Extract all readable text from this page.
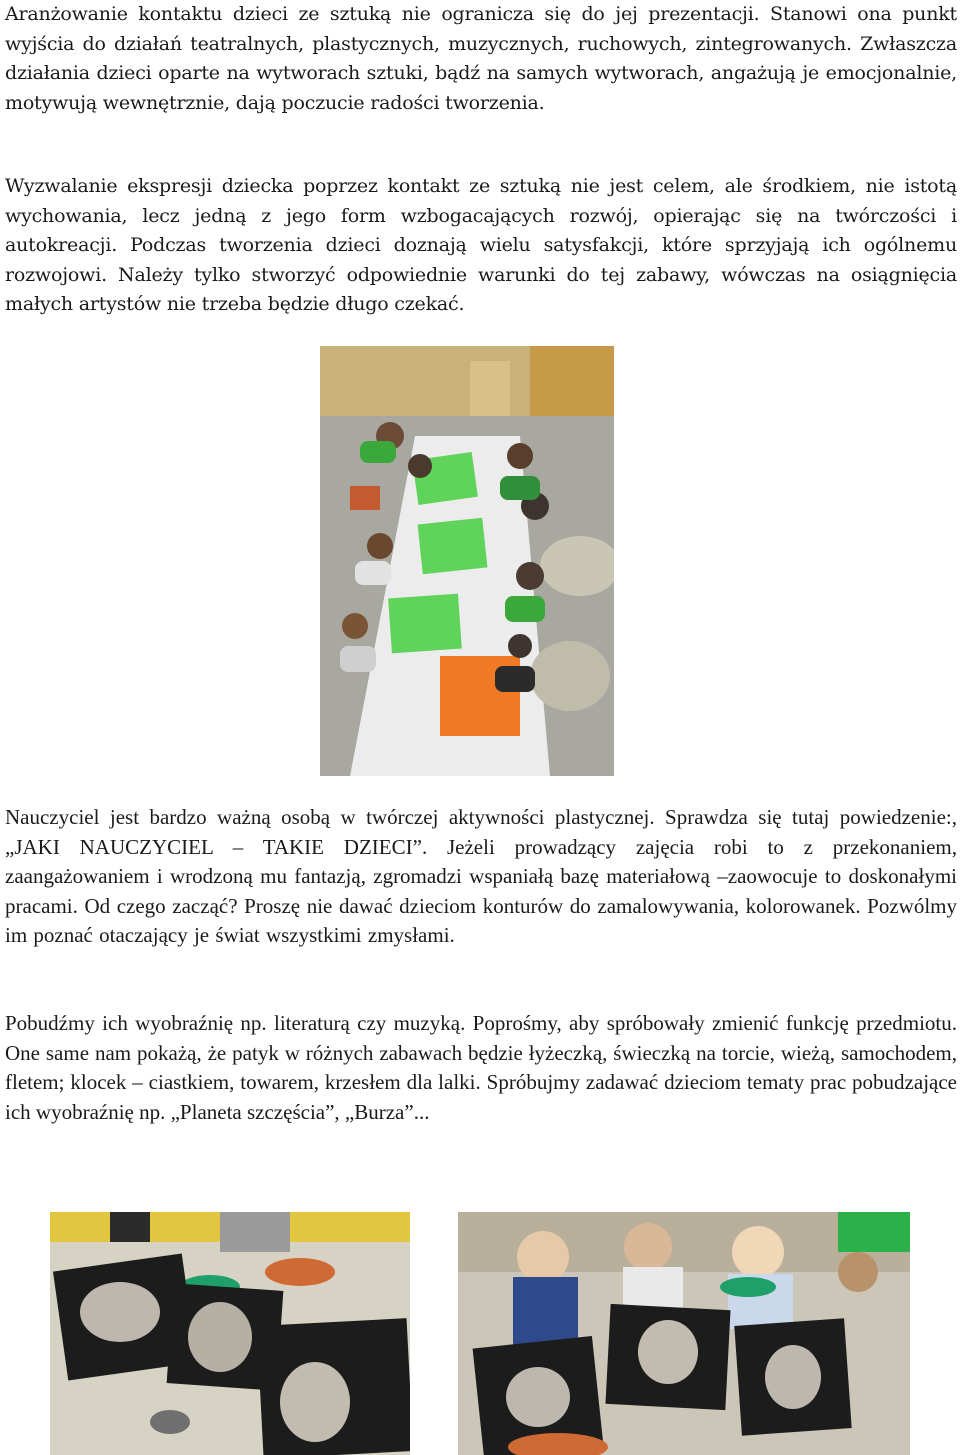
Aranżowanie kontaktu dzieci ze sztuką nie ogranicza się do jej prezentacji. Stanowi ona punkt wyjścia do działań teatralnych, plastycznych, muzycznych, ruchowych, zintegrowanych. Zwłaszcza działania dzieci oparte na wytworach sztuki, bądź na samych wytworach, angażują je emocjonalnie, motywują wewnętrznie, dają poczucie radości tworzenia.

Wyzwalanie ekspresji dziecka poprzez kontakt ze sztuką nie jest celem, ale środkiem, nie istotą wychowania, lecz jedną z jego form wzbogacających rozwój, opierając się na twórczości i autokreacji. Podczas tworzenia dzieci doznają wielu satysfakcji, które sprzyjają ich ogólnemu rozwojowi. Należy tylko stworzyć odpowiednie warunki do tej zabawy, wówczas na osiągnięcia małych artystów nie trzeba będzie długo czekać.

Nauczyciel jest bardzo ważną osobą w twórczej aktywności plastycznej. Sprawdza się tutaj powiedzenie:, „JAKI NAUCZYCIEL – TAKIE DZIECI”. Jeżeli prowadzący zajęcia robi to z przekonaniem, zaangażowaniem i wrodzoną mu fantazją, zgromadzi wspaniałą bazę materiałową –zaowocuje to doskonałymi pracami. Od czego zacząć? Proszę nie dawać dzieciom konturów do zamalowywania, kolorowanek. Pozwólmy im poznać otaczający je świat wszystkimi zmysłami.

Pobudźmy ich wyobraźnię np. literaturą czy muzyką. Poprośmy, aby spróbowały zmienić funkcję przedmiotu. One same nam pokażą, że patyk w różnych zabawach będzie łyżeczką, świeczką na torcie, wieżą, samochodem, fletem; klocek – ciastkiem, towarem, krzesłem dla lalki. Spróbujmy zadawać dzieciom tematy prac pobudzające ich wyobraźnię np. „Planeta szczęścia”, „Burza”...
